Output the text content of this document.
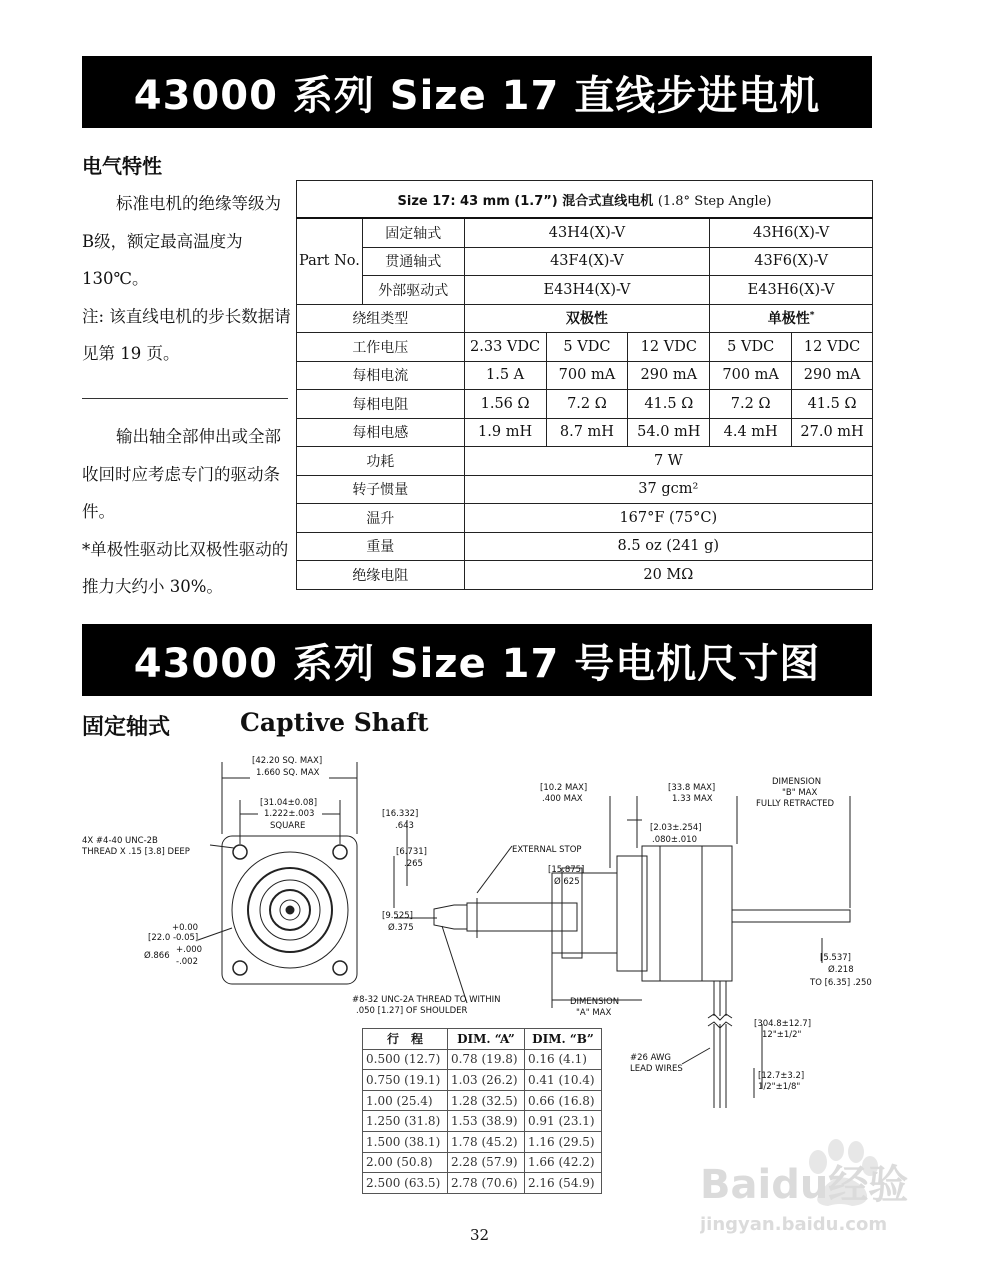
43000 系列 Size 17 直线步进电机
电气特性

标准电机的绝缘等级为B级，额定最高温度为 130℃。

注: 该直线电机的步长数据请见第 19 页。

输出轴全部伸出或全部收回时应考虑专门的驱动条件。

*单极性驱动比双极性驱动的推力大约小 30%。

Size 17: 43 mm (1.7”) 混合式直线电机 (1.8° Step Angle)						
Part No.	固定轴式	43H4(X)-V			43H6(X)-V	
	贯通轴式	43F4(X)-V			43F6(X)-V	
	外部驱动式	E43H4(X)-V			E43H6(X)-V	
绕组类型		双极性			单极性*
工作电压		2.33 VDC	5 VDC	12 VDC	5 VDC	12 VDC
每相电流		1.5 A	700 mA	290 mA	700 mA	290 mA
每相电阻		1.56 Ω	7.2 Ω	41.5 Ω	7.2 Ω	41.5 Ω
每相电感		1.9 mH	8.7 mH	54.0 mH	4.4 mH	27.0 mH
功耗		7 W				
转子惯量		37 gcm²				
温升		167°F (75°C)				
重量		8.5 oz (241 g)				
绝缘电阻		20 MΩ				
43000 系列 Size 17 号电机尺寸图
固定轴式	Captive Shaft
[42.20 SQ. MAX]
1.660 SQ. MAX
[31.04±0.08]
1.222±.003
SQUARE
4X #4-40 UNC-2B
THREAD X .15 [3.8] DEEP
+0.00
[22.0 -0.05]
+.000
Ø.866
-.002
[16.332]
.643
[6.731]
.265
[9.525]
Ø.375
EXTERNAL STOP
[15.875]
Ø.625
[10.2 MAX]
.400 MAX
[33.8 MAX]
1.33 MAX
[2.03±.254]
.080±.010
DIMENSION
"B" MAX
FULLY RETRACTED
[5.537]
Ø.218
TO [6.35] .250
#8-32 UNC-2A THREAD TO WITHIN
.050 [1.27] OF SHOULDER
DIMENSION
"A" MAX
[304.8±12.7]
12"±1/2"
#26 AWG
LEAD WIRES
[12.7±3.2]
1/2"±1/8"
行　程	DIM. “A”	DIM. “B”
0.500 (12.7)	0.78 (19.8)	0.16 (4.1)
0.750 (19.1)	1.03 (26.2)	0.41 (10.4)
1.00 (25.4)	1.28 (32.5)	0.66 (16.8)
1.250 (31.8)	1.53 (38.9)	0.91 (23.1)
1.500 (38.1)	1.78 (45.2)	1.16 (29.5)
2.00 (50.8)	2.28 (57.9)	1.66 (42.2)
2.500 (63.5)	2.78 (70.6)	2.16 (54.9)
32
Baidu经验
jingyan.baidu.com
